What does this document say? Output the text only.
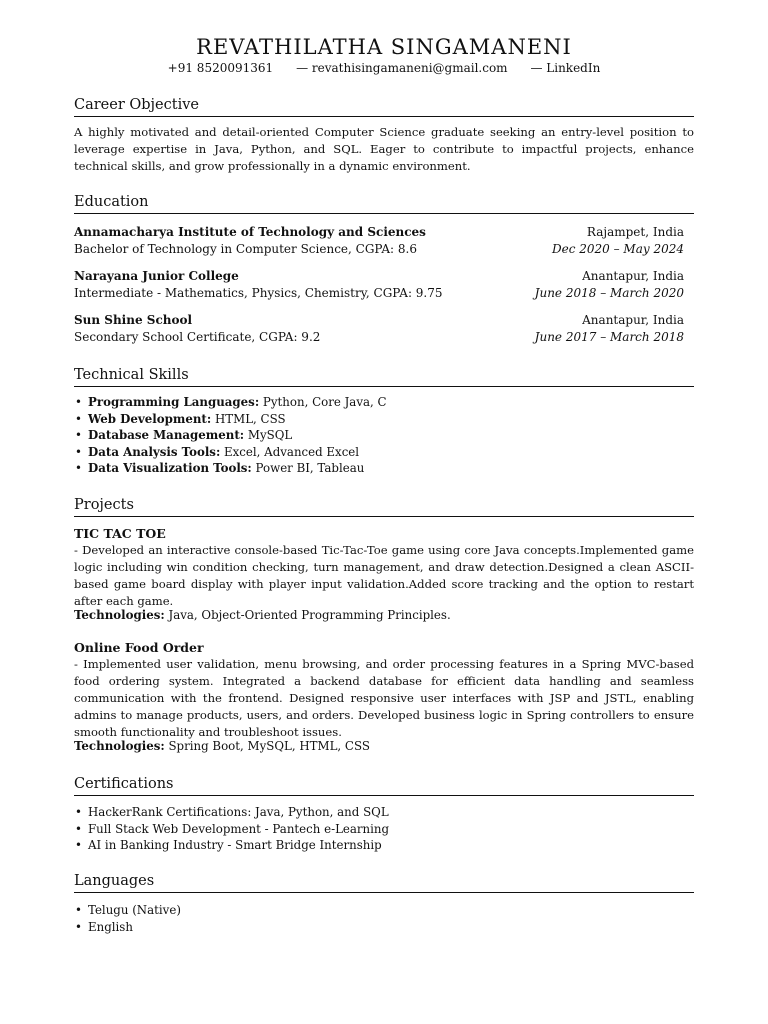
REVATHILATHA SINGAMANENI
+91 8520091361 — revathisingamaneni@gmail.com — LinkedIn
Career Objective

A highly motivated and detail-oriented Computer Science graduate seeking an entry-level position to leverage expertise in Java, Python, and SQL. Eager to contribute to impactful projects, enhance technical skills, and grow professionally in a dynamic environment.

Education
Annamacharya Institute of Technology and Sciences	Rajampet, India
Bachelor of Technology in Computer Science, CGPA: 8.6	Dec 2020 – May 2024
Narayana Junior College	Anantapur, India
Intermediate - Mathematics, Physics, Chemistry, CGPA: 9.75	June 2018 – March 2020
Sun Shine School	Anantapur, India
Secondary School Certificate, CGPA: 9.2	June 2017 – March 2018
Technical Skills
• Programming Languages: Python, Core Java, C
• Web Development: HTML, CSS
• Database Management: MySQL
• Data Analysis Tools: Excel, Advanced Excel
• Data Visualization Tools: Power BI, Tableau
Projects
TIC TAC TOE

- Developed an interactive console-based Tic-Tac-Toe game using core Java concepts.Implemented game logic including win condition checking, turn management, and draw detection.Designed a clean ASCII-based game board display with player input validation.Added score tracking and the option to restart after each game.

Technologies: Java, Object-Oriented Programming Principles.
Online Food Order

- Implemented user validation, menu browsing, and order processing features in a Spring MVC-based food ordering system. Integrated a backend database for efficient data handling and seamless communication with the frontend. Designed responsive user interfaces with JSP and JSTL, enabling admins to manage products, users, and orders. Developed business logic in Spring controllers to ensure smooth functionality and troubleshoot issues.

Technologies: Spring Boot, MySQL, HTML, CSS
Certifications
• HackerRank Certifications: Java, Python, and SQL
• Full Stack Web Development - Pantech e-Learning
• AI in Banking Industry - Smart Bridge Internship
Languages
• Telugu (Native)
• English
